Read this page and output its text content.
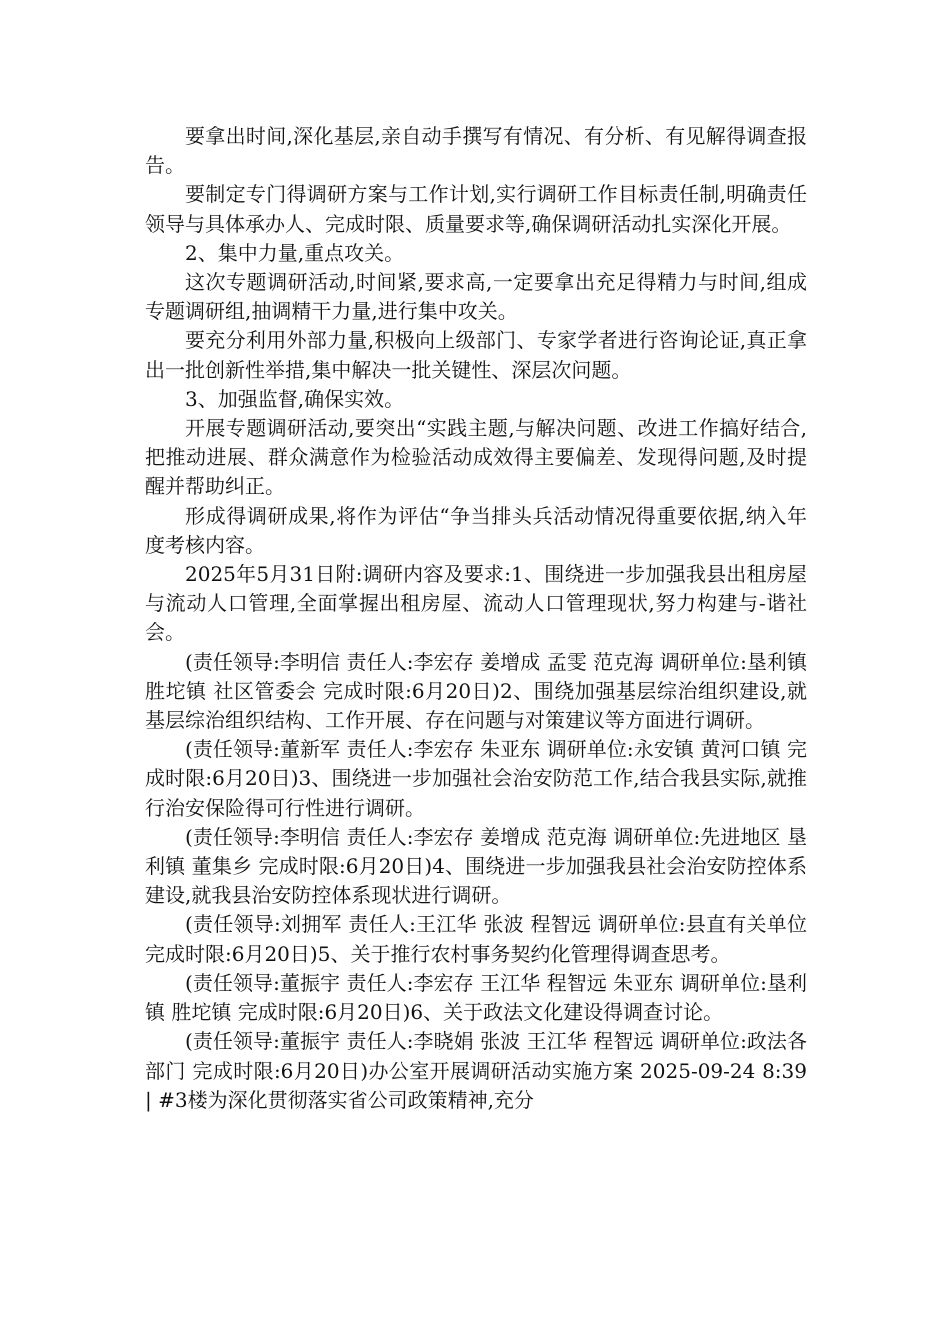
要拿出时间,深化基层,亲自动手撰写有情况、有分析、有见解得调查报告。

要制定专门得调研方案与工作计划,实行调研工作目标责任制,明确责任领导与具体承办人、完成时限、质量要求等,确保调研活动扎实深化开展。

2、集中力量,重点攻关。

这次专题调研活动,时间紧,要求高,一定要拿出充足得精力与时间,组成专题调研组,抽调精干力量,进行集中攻关。

要充分利用外部力量,积极向上级部门、专家学者进行咨询论证,真正拿出一批创新性举措,集中解决一批关键性、深层次问题。

3、加强监督,确保实效。

开展专题调研活动,要突出“实践主题,与解决问题、改进工作搞好结合,把推动进展、群众满意作为检验活动成效得主要偏差、发现得问题,及时提醒并帮助纠正。

形成得调研成果,将作为评估“争当排头兵活动情况得重要依据,纳入年度考核内容。

2025年5月31日附:调研内容及要求:1、围绕进一步加强我县出租房屋与流动人口管理,全面掌握出租房屋、流动人口管理现状,努力构建与-谐社会。

(责任领导:李明信 责任人:李宏存 姜增成 孟雯 范克海 调研单位:垦利镇 胜坨镇 社区管委会 完成时限:6月20日)2、围绕加强基层综治组织建设,就基层综治组织结构、工作开展、存在问题与对策建议等方面进行调研。

(责任领导:董新军 责任人:李宏存 朱亚东 调研单位:永安镇 黄河口镇 完成时限:6月20日)3、围绕进一步加强社会治安防范工作,结合我县实际,就推行治安保险得可行性进行调研。

(责任领导:李明信 责任人:李宏存 姜增成 范克海 调研单位:先进地区 垦利镇 董集乡 完成时限:6月20日)4、围绕进一步加强我县社会治安防控体系建设,就我县治安防控体系现状进行调研。

(责任领导:刘拥军 责任人:王江华 张波 程智远 调研单位:县直有关单位 完成时限:6月20日)5、关于推行农村事务契约化管理得调查思考。

(责任领导:董振宇 责任人:李宏存 王江华 程智远 朱亚东 调研单位:垦利镇 胜坨镇 完成时限:6月20日)6、关于政法文化建设得调查讨论。

(责任领导:董振宇 责任人:李晓娟 张波 王江华 程智远 调研单位:政法各部门 完成时限:6月20日)办公室开展调研活动实施方案 2025-09-24 8:39 | #3楼为深化贯彻落实省公司政策精神,充分
